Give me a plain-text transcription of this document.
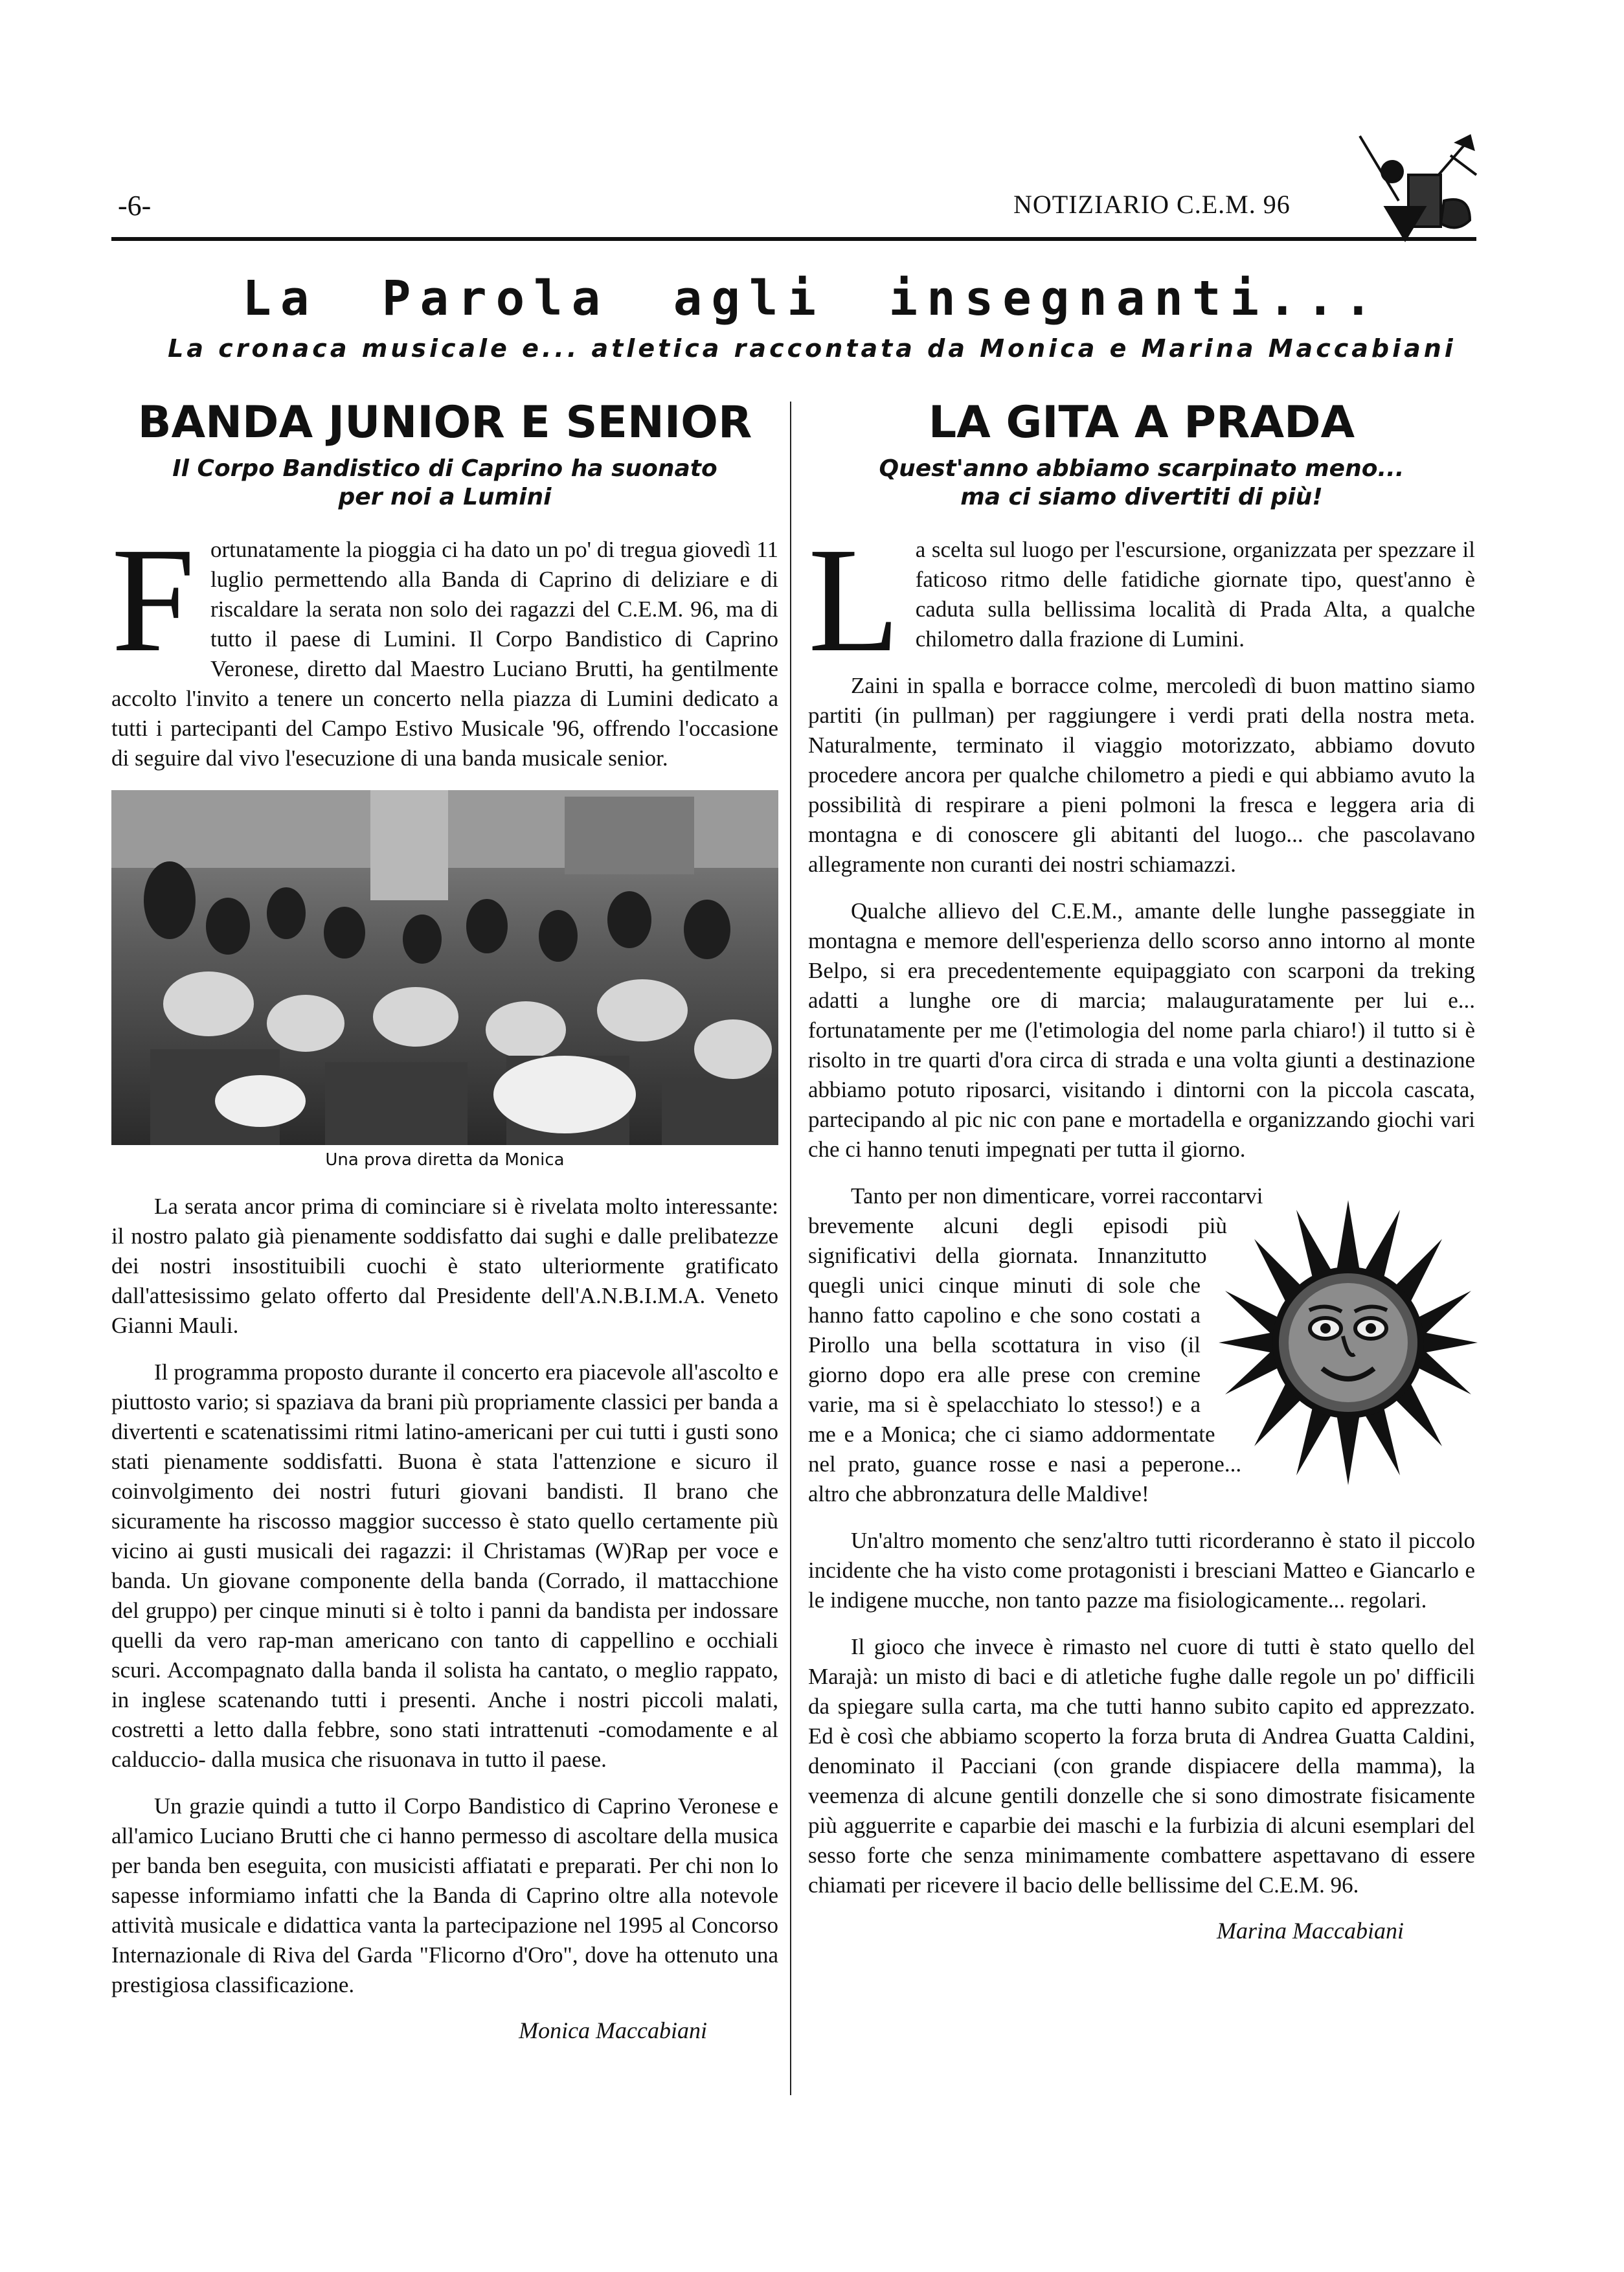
-6-	NOTIZIARIO C.E.M. 96
La Parola agli insegnanti...
La cronaca musicale e... atletica raccontata da Monica e Marina Maccabiani
BANDA JUNIOR E SENIOR
Il Corpo Bandistico di Caprino ha suonato
per noi a Lumini

Fortunatamente la pioggia ci ha dato un po' di tregua giovedì 11 luglio permettendo alla Banda di Caprino di deliziare e di riscaldare la serata non solo dei ragazzi del C.E.M. 96, ma di tutto il paese di Lumini. Il Corpo Bandistico di Caprino Veronese, diretto dal Maestro Luciano Brutti, ha gentilmente accolto l'invito a tenere un concerto nella piazza di Lumini dedicato a tutti i partecipanti del Campo Estivo Musicale '96, offrendo l'occasione di seguire dal vivo l'esecuzione di una banda musicale senior.

Una prova diretta da Monica

La serata ancor prima di cominciare si è rivelata molto interessante: il nostro palato già pienamente soddisfatto dai sughi e dalle prelibatezze dei nostri insostituibili cuochi è stato ulteriormente gratificato dall'attesissimo gelato offerto dal Presidente dell'A.N.B.I.M.A. Veneto Gianni Mauli.

Il programma proposto durante il concerto era piacevole all'ascolto e piuttosto vario; si spaziava da brani più propriamente classici per banda a divertenti e scatenatissimi ritmi latino-americani per cui tutti i gusti sono stati pienamente soddisfatti. Buona è stata l'attenzione e sicuro il coinvolgimento dei nostri futuri giovani bandisti. Il brano che sicuramente ha riscosso maggior successo è stato quello certamente più vicino ai gusti musicali dei ragazzi: il Christamas (W)Rap per voce e banda. Un giovane componente della banda (Corrado, il mattacchione del gruppo) per cinque minuti si è tolto i panni da bandista per indossare quelli da vero rap-man americano con tanto di cappellino e occhiali scuri. Accompagnato dalla banda il solista ha cantato, o meglio rappato, in inglese scatenando tutti i presenti. Anche i nostri piccoli malati, costretti a letto dalla febbre, sono stati intrattenuti -comodamente e al calduccio- dalla musica che risuonava in tutto il paese.

Un grazie quindi a tutto il Corpo Bandistico di Caprino Veronese e all'amico Luciano Brutti che ci hanno permesso di ascoltare della musica per banda ben eseguita, con musicisti affiatati e preparati. Per chi non lo sapesse informiamo infatti che la Banda di Caprino oltre alla notevole attività musicale e didattica vanta la partecipazione nel 1995 al Concorso Internazionale di Riva del Garda "Flicorno d'Oro", dove ha ottenuto una prestigiosa classificazione.

Monica Maccabiani
LA GITA A PRADA
Quest'anno abbiamo scarpinato meno...
ma ci siamo divertiti di più!

La scelta sul luogo per l'escursione, organizzata per spezzare il faticoso ritmo delle fatidiche giornate tipo, quest'anno è caduta sulla bellissima località di Prada Alta, a qualche chilometro dalla frazione di Lumini.

Zaini in spalla e borracce colme, mercoledì di buon mattino siamo partiti (in pullman) per raggiungere i verdi prati della nostra meta. Naturalmente, terminato il viaggio motorizzato, abbiamo dovuto procedere ancora per qualche chilometro a piedi e qui abbiamo avuto la possibilità di respirare a pieni polmoni la fresca e leggera aria di montagna e di conoscere gli abitanti del luogo... che pascolavano allegramente non curanti dei nostri schiamazzi.

Qualche allievo del C.E.M., amante delle lunghe passeggiate in montagna e memore dell'esperienza dello scorso anno intorno al monte Belpo, si era precedentemente equipaggiato con scarponi da treking adatti a lunghe ore di marcia; malauguratamente per lui e... fortunatamente per me (l'etimologia del nome parla chiaro!) il tutto si è risolto in tre quarti d'ora circa di strada e una volta giunti a destinazione abbiamo potuto riposarci, visitando i dintorni con la piccola cascata, partecipando al pic nic con pane e mortadella e organizzando giochi vari che ci hanno tenuti impegnati per tutta il giorno.

Tanto per non dimenticare, vorrei raccontarvi brevemente alcuni degli episodi più significativi della giornata. Innanzitutto quegli unici cinque minuti di sole che hanno fatto capolino e che sono costati a Pirollo una bella scottatura in viso (il giorno dopo era alle prese con cremine varie, ma si è spelacchiato lo stesso!) e a me e a Monica; che ci siamo addormentate nel prato, guance rosse e nasi a peperone... altro che abbronzatura delle Maldive!

Un'altro momento che senz'altro tutti ricorderanno è stato il piccolo incidente che ha visto come protagonisti i bresciani Matteo e Giancarlo e le indigene mucche, non tanto pazze ma fisiologicamente... regolari.

Il gioco che invece è rimasto nel cuore di tutti è stato quello del Marajà: un misto di baci e di atletiche fughe dalle regole un po' difficili da spiegare sulla carta, ma che tutti hanno subito capito ed apprezzato. Ed è così che abbiamo scoperto la forza bruta di Andrea Guatta Caldini, denominato il Pacciani (con grande dispiacere della mamma), la veemenza di alcune gentili donzelle che si sono dimostrate fisicamente più agguerrite e caparbie dei maschi e la furbizia di alcuni esemplari del sesso forte che senza minimamente combattere aspettavano di essere chiamati per ricevere il bacio delle bellissime del C.E.M. 96.

Marina Maccabiani
